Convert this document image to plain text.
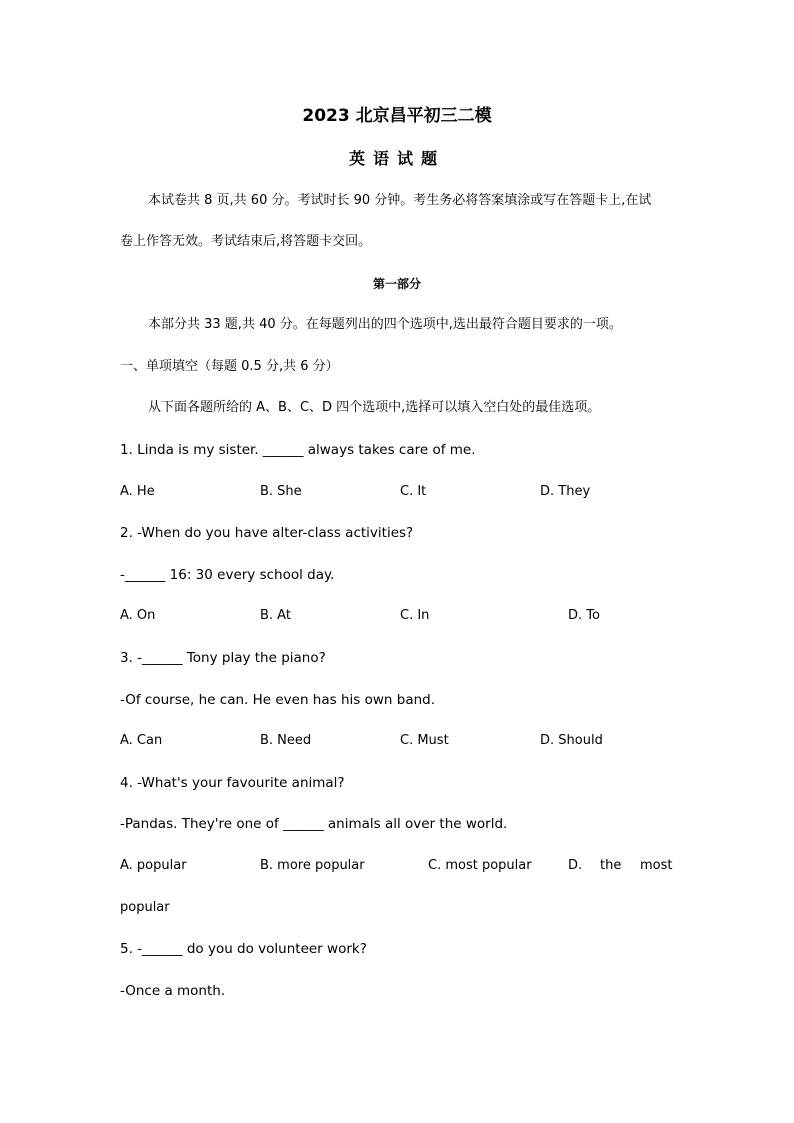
2023 北京昌平初三二模
英语试题
本试卷共 8 页,共 60 分。考试时长 90 分钟。考生务必将答案填涂或写在答题卡上,在试
卷上作答无效。考试结束后,将答题卡交回。
第一部分
本部分共 33 题,共 40 分。在每题列出的四个选项中,选出最符合题目要求的一项。
一、单项填空（每题 0.5 分,共 6 分）
从下面各题所给的 A、B、C、D 四个选项中,选择可以填入空白处的最佳选项。
1. Linda is my sister. ______ always takes care of me.
A. He	B. She	C. It	D. They
2. -When do you have alter-class activities?
-______ 16: 30 every school day.
A. On	B. At	C. In	D. To
3. -______ Tony play the piano?
-Of course, he can. He even has his own band.
A. Can	B. Need	C. Must	D. Should
4. -What's your favourite animal?
-Pandas. They're one of ______ animals all over the world.
A. popular	B. more popular	C. most popular	D. the most
popular
5. -______ do you do volunteer work?
-Once a month.
